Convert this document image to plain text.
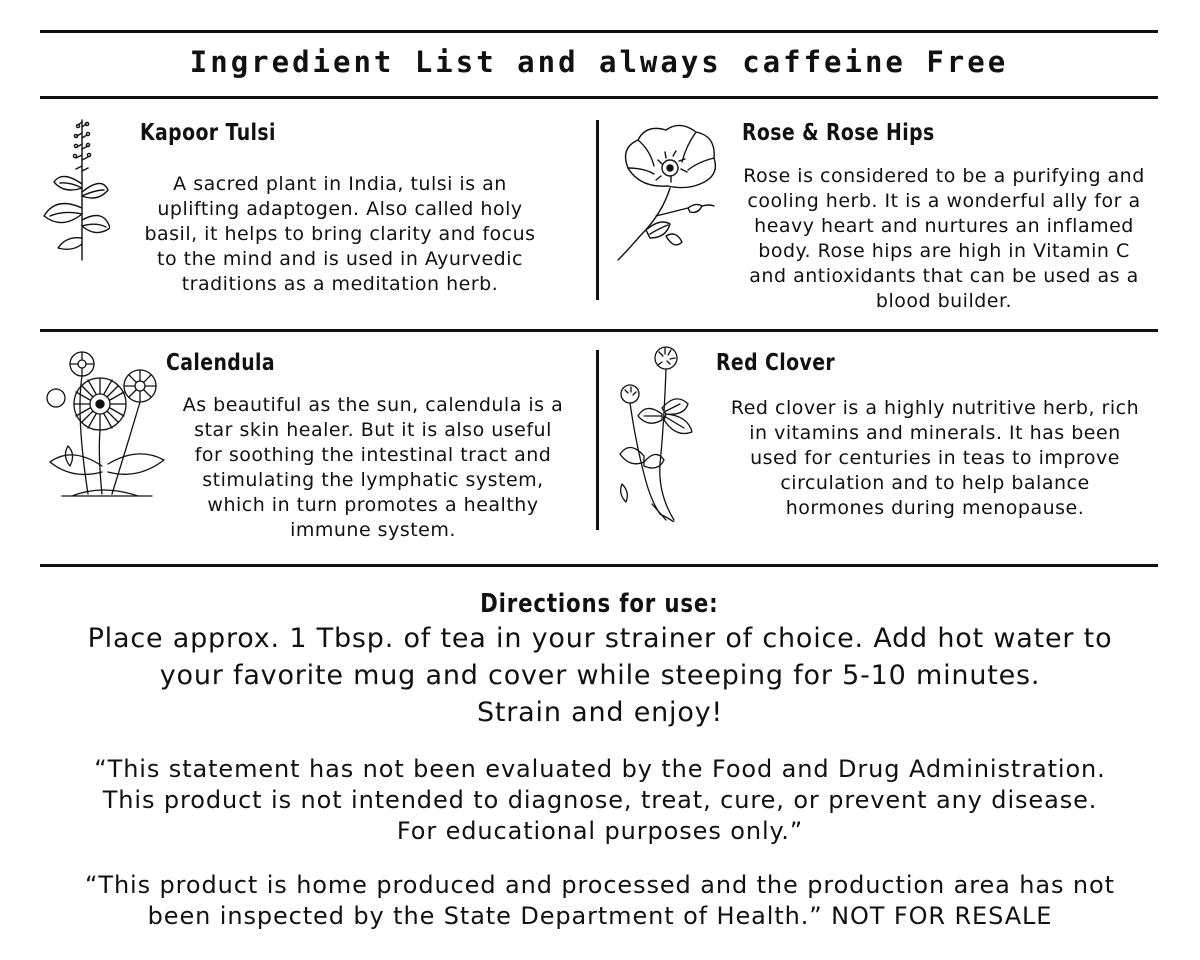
Ingredient List and always caffeine Free
Kapoor Tulsi

A sacred plant in India, tulsi is an
uplifting adaptogen. Also called holy
basil, it helps to bring clarity and focus
to the mind and is used in Ayurvedic
traditions as a meditation herb.

Rose & Rose Hips

Rose is considered to be a purifying and
cooling herb. It is a wonderful ally for a
heavy heart and nurtures an inflamed
body. Rose hips are high in Vitamin C
and antioxidants that can be used as a
blood builder.

Calendula

As beautiful as the sun, calendula is a
star skin healer. But it is also useful
for soothing the intestinal tract and
stimulating the lymphatic system,
which in turn promotes a healthy
immune system.

Red Clover

Red clover is a highly nutritive herb, rich
in vitamins and minerals. It has been
used for centuries in teas to improve
circulation and to help balance
hormones during menopause.

Directions for use:

Place approx. 1 Tbsp. of tea in your strainer of choice. Add hot water to
your favorite mug and cover while steeping for 5-10 minutes.
Strain and enjoy!

“This statement has not been evaluated by the Food and Drug Administration.
This product is not intended to diagnose, treat, cure, or prevent any disease.
For educational purposes only.”

“This product is home produced and processed and the production area has not
been inspected by the State Department of Health.” NOT FOR RESALE
